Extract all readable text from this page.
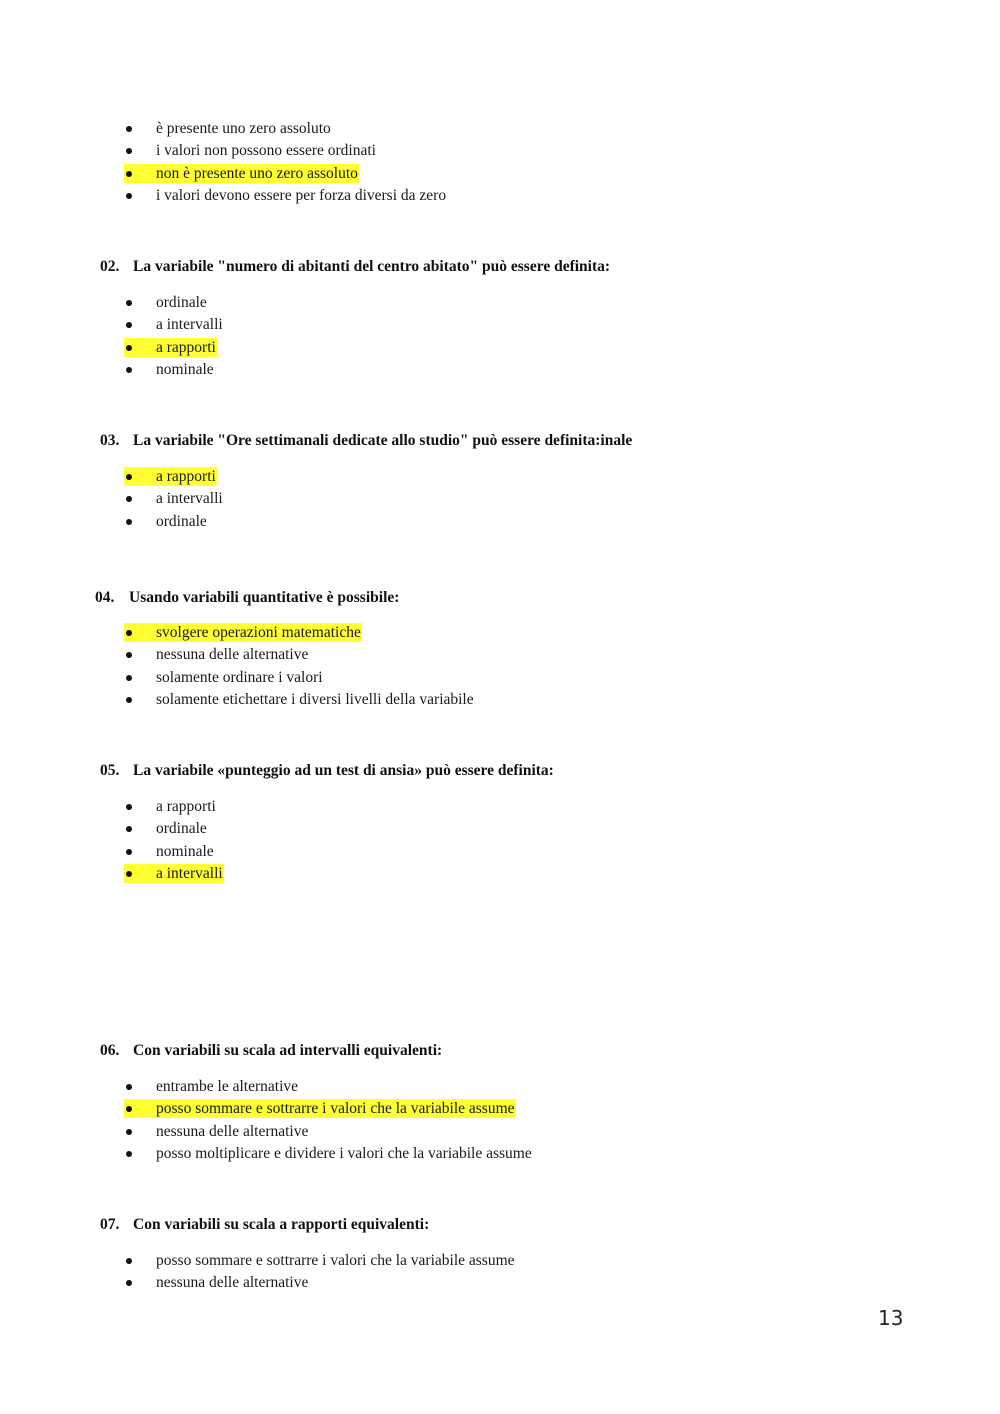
è presente uno zero assoluto
i valori non possono essere ordinati
non è presente uno zero assoluto
i valori devono essere per forza diversi da zero
02. La variabile "numero di abitanti del centro abitato" può essere definita:
ordinale
a intervalli
a rapporti
nominale
03. La variabile "Ore settimanali dedicate allo studio" può essere definita:inale
a rapporti
a intervalli
ordinale
04. Usando variabili quantitative è possibile:
svolgere operazioni matematiche
nessuna delle alternative
solamente ordinare i valori
solamente etichettare i diversi livelli della variabile
05. La variabile «punteggio ad un test di ansia» può essere definita:
a rapporti
ordinale
nominale
a intervalli
06. Con variabili su scala ad intervalli equivalenti:
entrambe le alternative
posso sommare e sottrarre i valori che la variabile assume
nessuna delle alternative
posso moltiplicare e dividere i valori che la variabile assume
07. Con variabili su scala a rapporti equivalenti:
posso sommare e sottrarre i valori che la variabile assume
nessuna delle alternative
13
